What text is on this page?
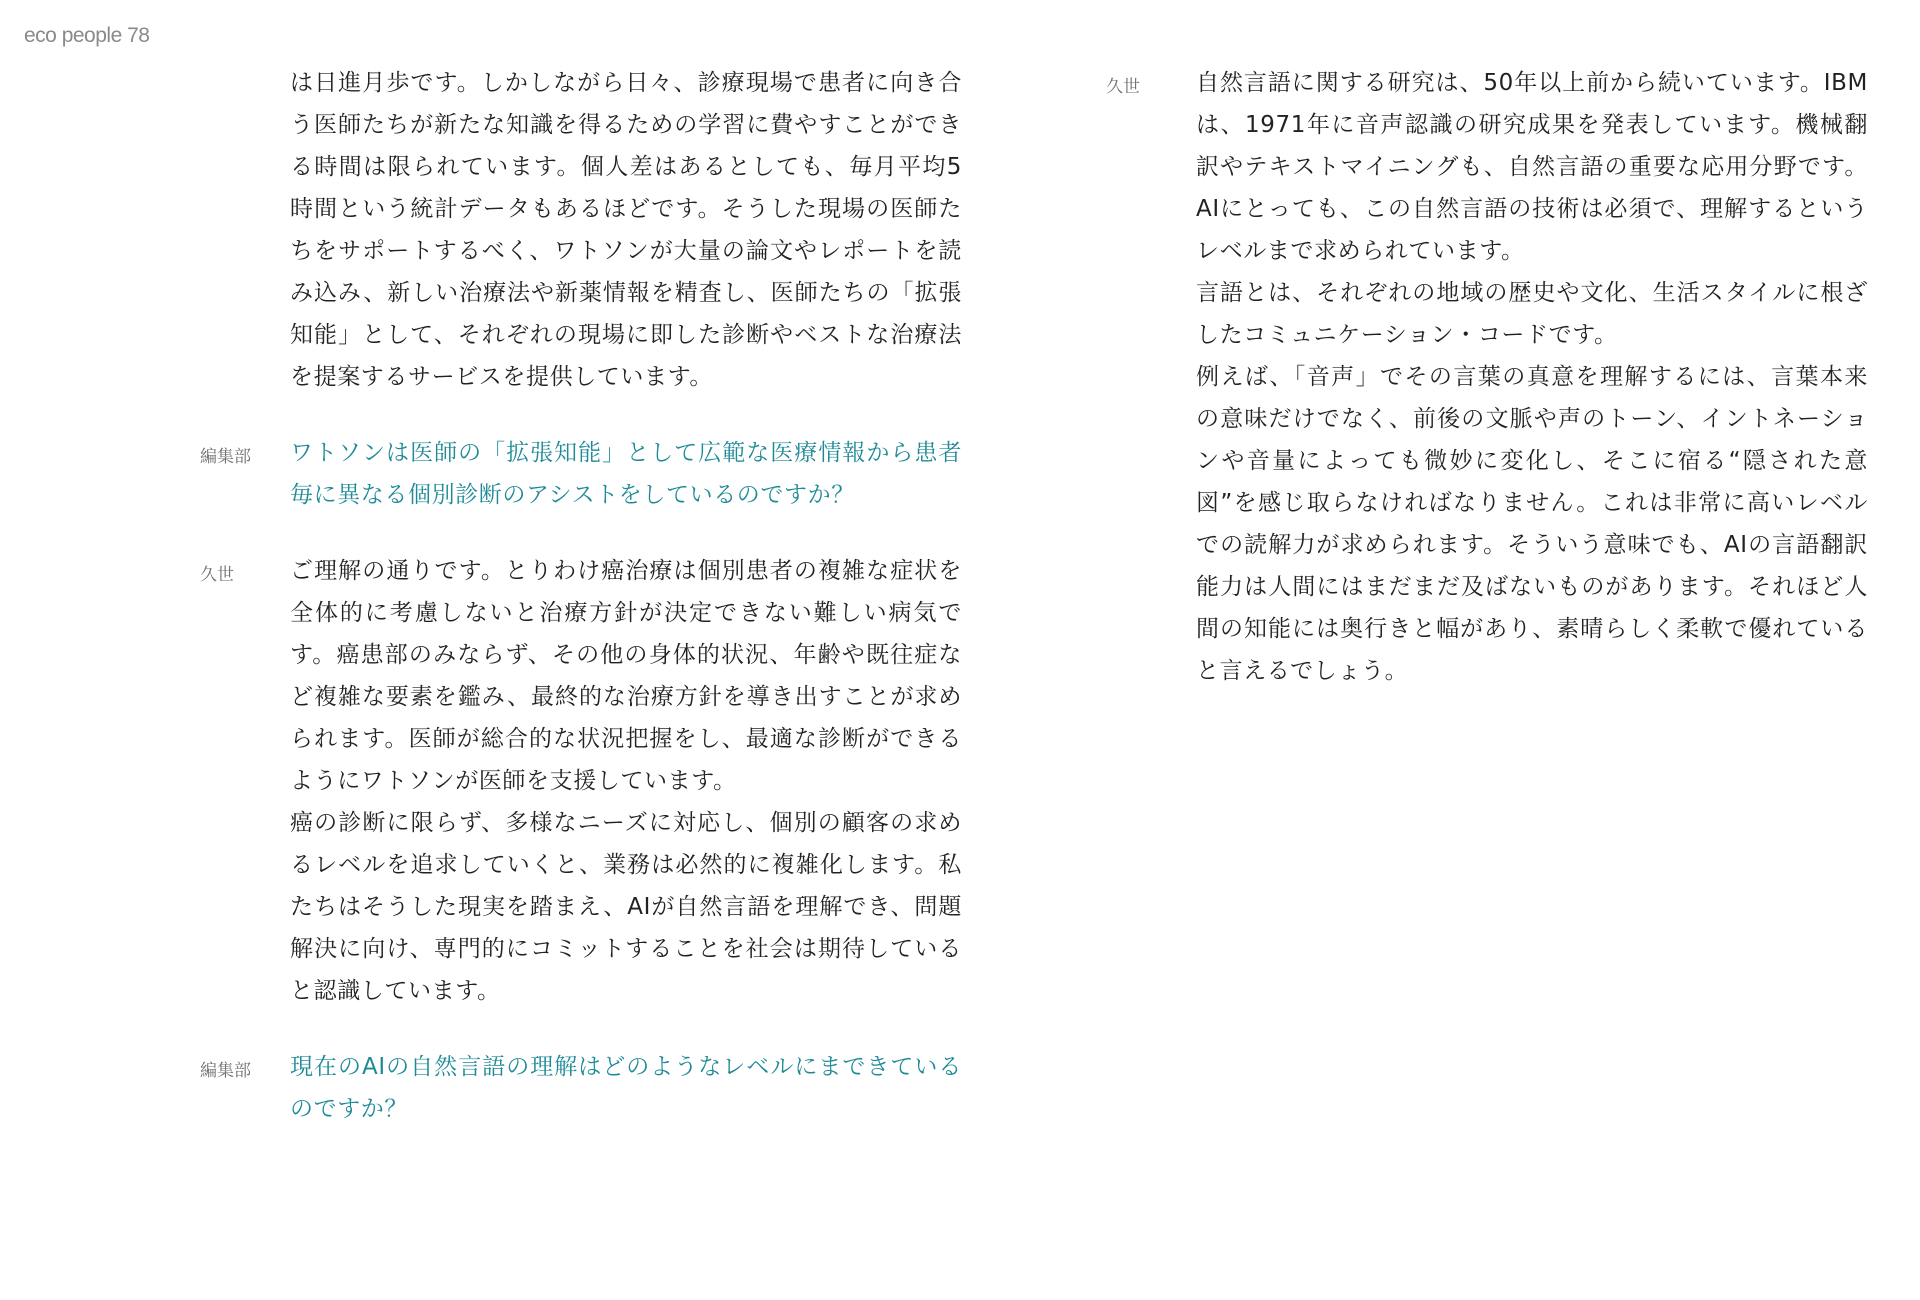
eco people 78

は日進月歩です。しかしながら日々、診療現場で患者に向き合う医師たちが新たな知識を得るための学習に費やすことができる時間は限られています。個人差はあるとしても、毎月平均5時間という統計データもあるほどです。そうした現場の医師たちをサポートするべく、ワトソンが大量の論文やレポートを読み込み、新しい治療法や新薬情報を精査し、医師たちの「拡張知能」として、それぞれの現場に即した診断やベストな治療法を提案するサービスを提供しています。

編集部	ワトソンは医師の「拡張知能」として広範な医療情報から患者毎に異なる個別診断のアシストをしているのですか？

久世	ご理解の通りです。とりわけ癌治療は個別患者の複雑な症状を全体的に考慮しないと治療方針が決定できない難しい病気です。癌患部のみならず、その他の身体的状況、年齢や既往症など複雑な要素を鑑み、最終的な治療方針を導き出すことが求められます。医師が総合的な状況把握をし、最適な診断ができるようにワトソンが医師を支援しています。

癌の診断に限らず、多様なニーズに対応し、個別の顧客の求めるレベルを追求していくと、業務は必然的に複雑化します。私たちはそうした現実を踏まえ、AIが自然言語を理解でき、問題解決に向け、専門的にコミットすることを社会は期待していると認識しています。

編集部	現在のAIの自然言語の理解はどのようなレベルにまできているのですか？

久世	自然言語に関する研究は、50年以上前から続いています。IBMは、1971年に音声認識の研究成果を発表しています。機械翻訳やテキストマイニングも、自然言語の重要な応用分野です。AIにとっても、この自然言語の技術は必須で、理解するというレベルまで求められています。

言語とは、それぞれの地域の歴史や文化、生活スタイルに根ざしたコミュニケーション・コードです。

例えば、「音声」でその言葉の真意を理解するには、言葉本来の意味だけでなく、前後の文脈や声のトーン、イントネーションや音量によっても微妙に変化し、そこに宿る“隠された意図”を感じ取らなければなりません。これは非常に高いレベルでの読解力が求められます。そういう意味でも、AIの言語翻訳能力は人間にはまだまだ及ばないものがあります。それほど人間の知能には奥行きと幅があり、素晴らしく柔軟で優れていると言えるでしょう。
